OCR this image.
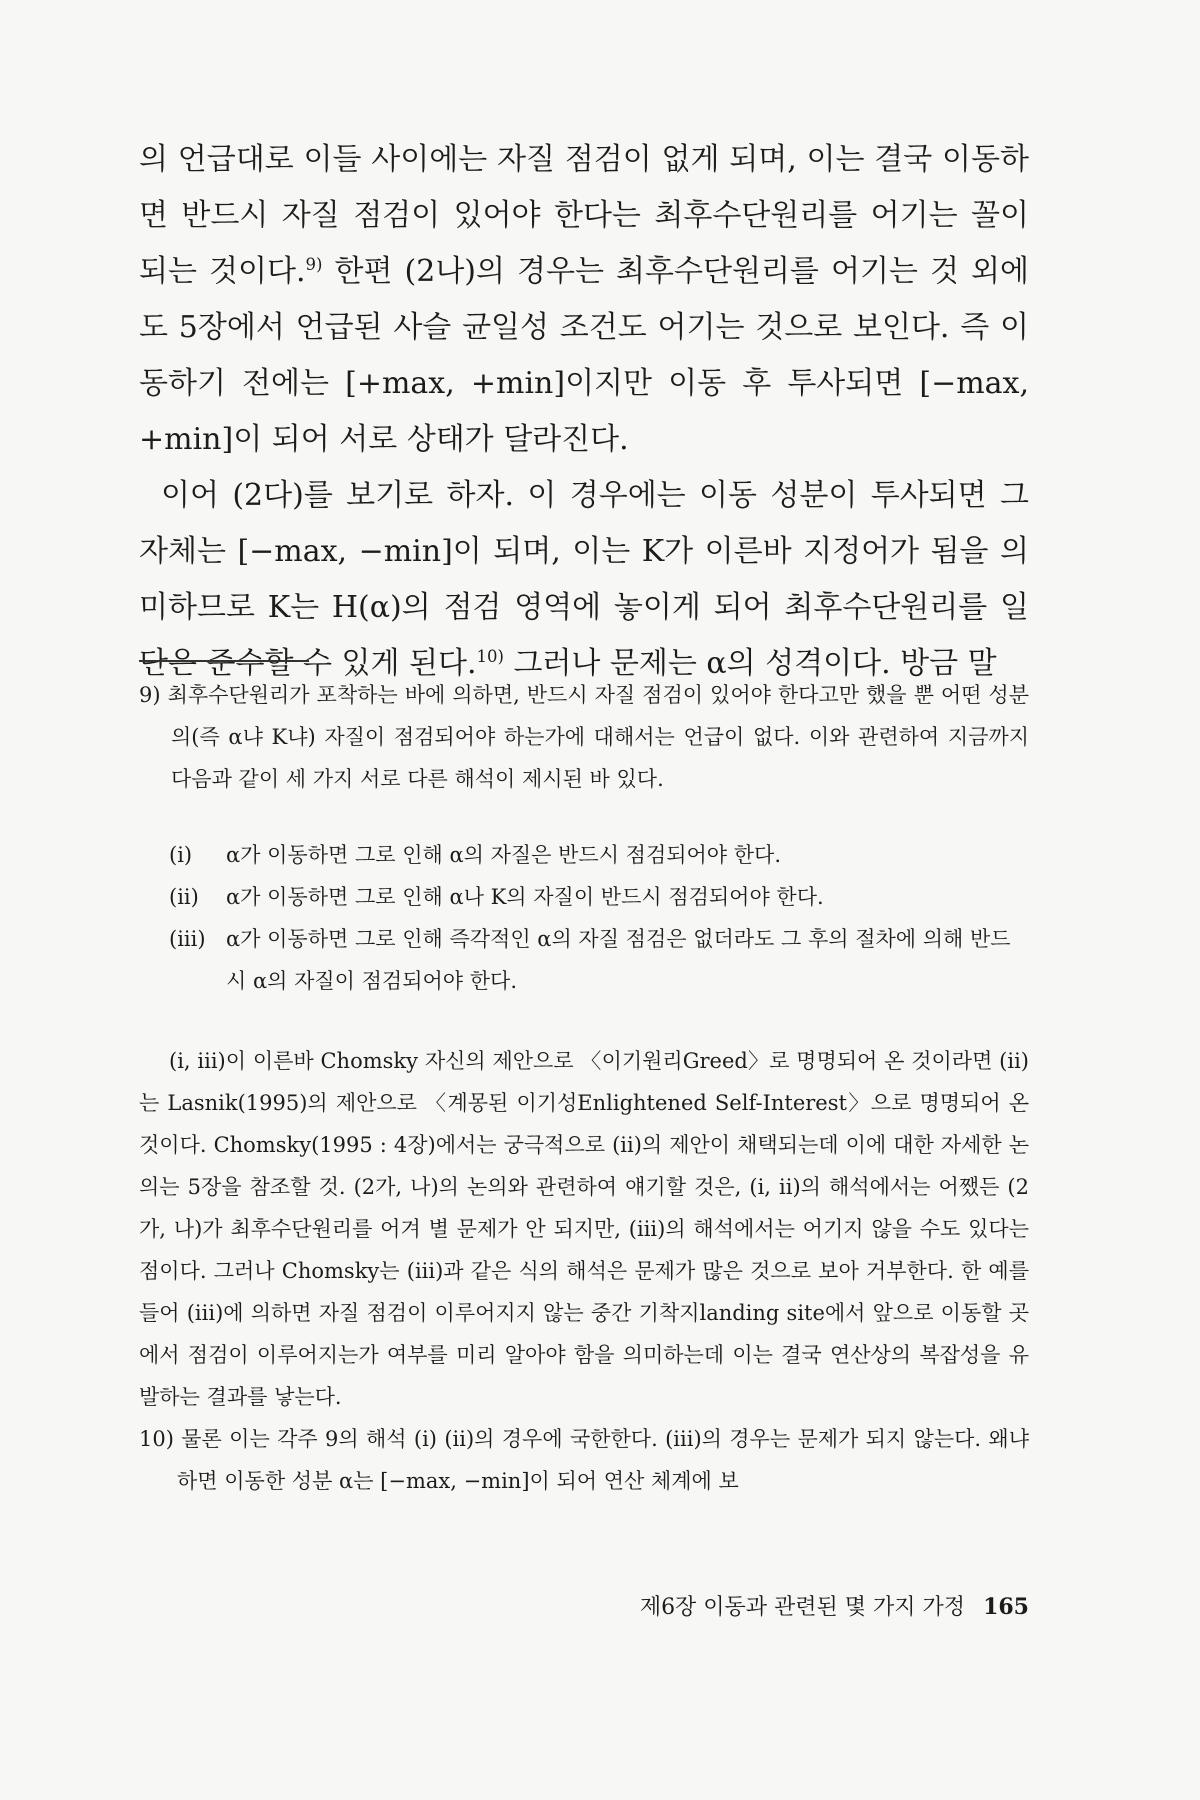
의 언급대로 이들 사이에는 자질 점검이 없게 되며, 이는 결국 이동하면 반드시 자질 점검이 있어야 한다는 최후수단원리를 어기는 꼴이 되는 것이다.$^{9)}$ 한편 (2나)의 경우는 최후수단원리를 어기는 것 외에도 5장에서 언급된 사슬 균일성 조건도 어기는 것으로 보인다. 즉 이동하기 전에는 [+max, +min]이지만 이동 후 투사되면 [−max, +min]이 되어 서로 상태가 달라진다.

이어 (2다)를 보기로 하자. 이 경우에는 이동 성분이 투사되면 그 자체는 [−max, −min]이 되며, 이는 K가 이른바 지정어가 됨을 의미하므로 K는 H(α)의 점검 영역에 놓이게 되어 최후수단원리를 일단은 준수할 수 있게 된다.$^{10)}$ 그러나 문제는 α의 성격이다. 방금 말

9) 최후수단원리가 포착하는 바에 의하면, 반드시 자질 점검이 있어야 한다고만 했을 뿐 어떤 성분의(즉 α냐 K냐) 자질이 점검되어야 하는가에 대해서는 언급이 없다. 이와 관련하여 지금까지 다음과 같이 세 가지 서로 다른 해석이 제시된 바 있다.

(i)	α가 이동하면 그로 인해 α의 자질은 반드시 점검되어야 한다.
(ii)	α가 이동하면 그로 인해 α나 K의 자질이 반드시 점검되어야 한다.
(iii) α가 이동하면 그로 인해 즉각적인 α의 자질 점검은 없더라도 그 후의 절차에 의해 반드시 α의 자질이 점검되어야 한다.

(i, iii)이 이른바 Chomsky 자신의 제안으로 〈이기원리Greed〉로 명명되어 온 것이라면 (ii)는 Lasnik(1995)의 제안으로 〈계몽된 이기성Enlightened Self-Interest〉으로 명명되어 온 것이다. Chomsky(1995 : 4장)에서는 궁극적으로 (ii)의 제안이 채택되는데 이에 대한 자세한 논의는 5장을 참조할 것. (2가, 나)의 논의와 관련하여 얘기할 것은, (i, ii)의 해석에서는 어쨌든 (2가, 나)가 최후수단원리를 어겨 별 문제가 안 되지만, (iii)의 해석에서는 어기지 않을 수도 있다는 점이다. 그러나 Chomsky는 (iii)과 같은 식의 해석은 문제가 많은 것으로 보아 거부한다. 한 예를 들어 (iii)에 의하면 자질 점검이 이루어지지 않는 중간 기착지landing site에서 앞으로 이동할 곳에서 점검이 이루어지는가 여부를 미리 알아야 함을 의미하는데 이는 결국 연산상의 복잡성을 유발하는 결과를 낳는다.

10) 물론 이는 각주 9의 해석 (i) (ii)의 경우에 국한한다. (iii)의 경우는 문제가 되지 않는다. 왜냐하면 이동한 성분 α는 [−max, −min]이 되어 연산 체계에 보

제6장 이동과 관련된 몇 가지 가정 165
